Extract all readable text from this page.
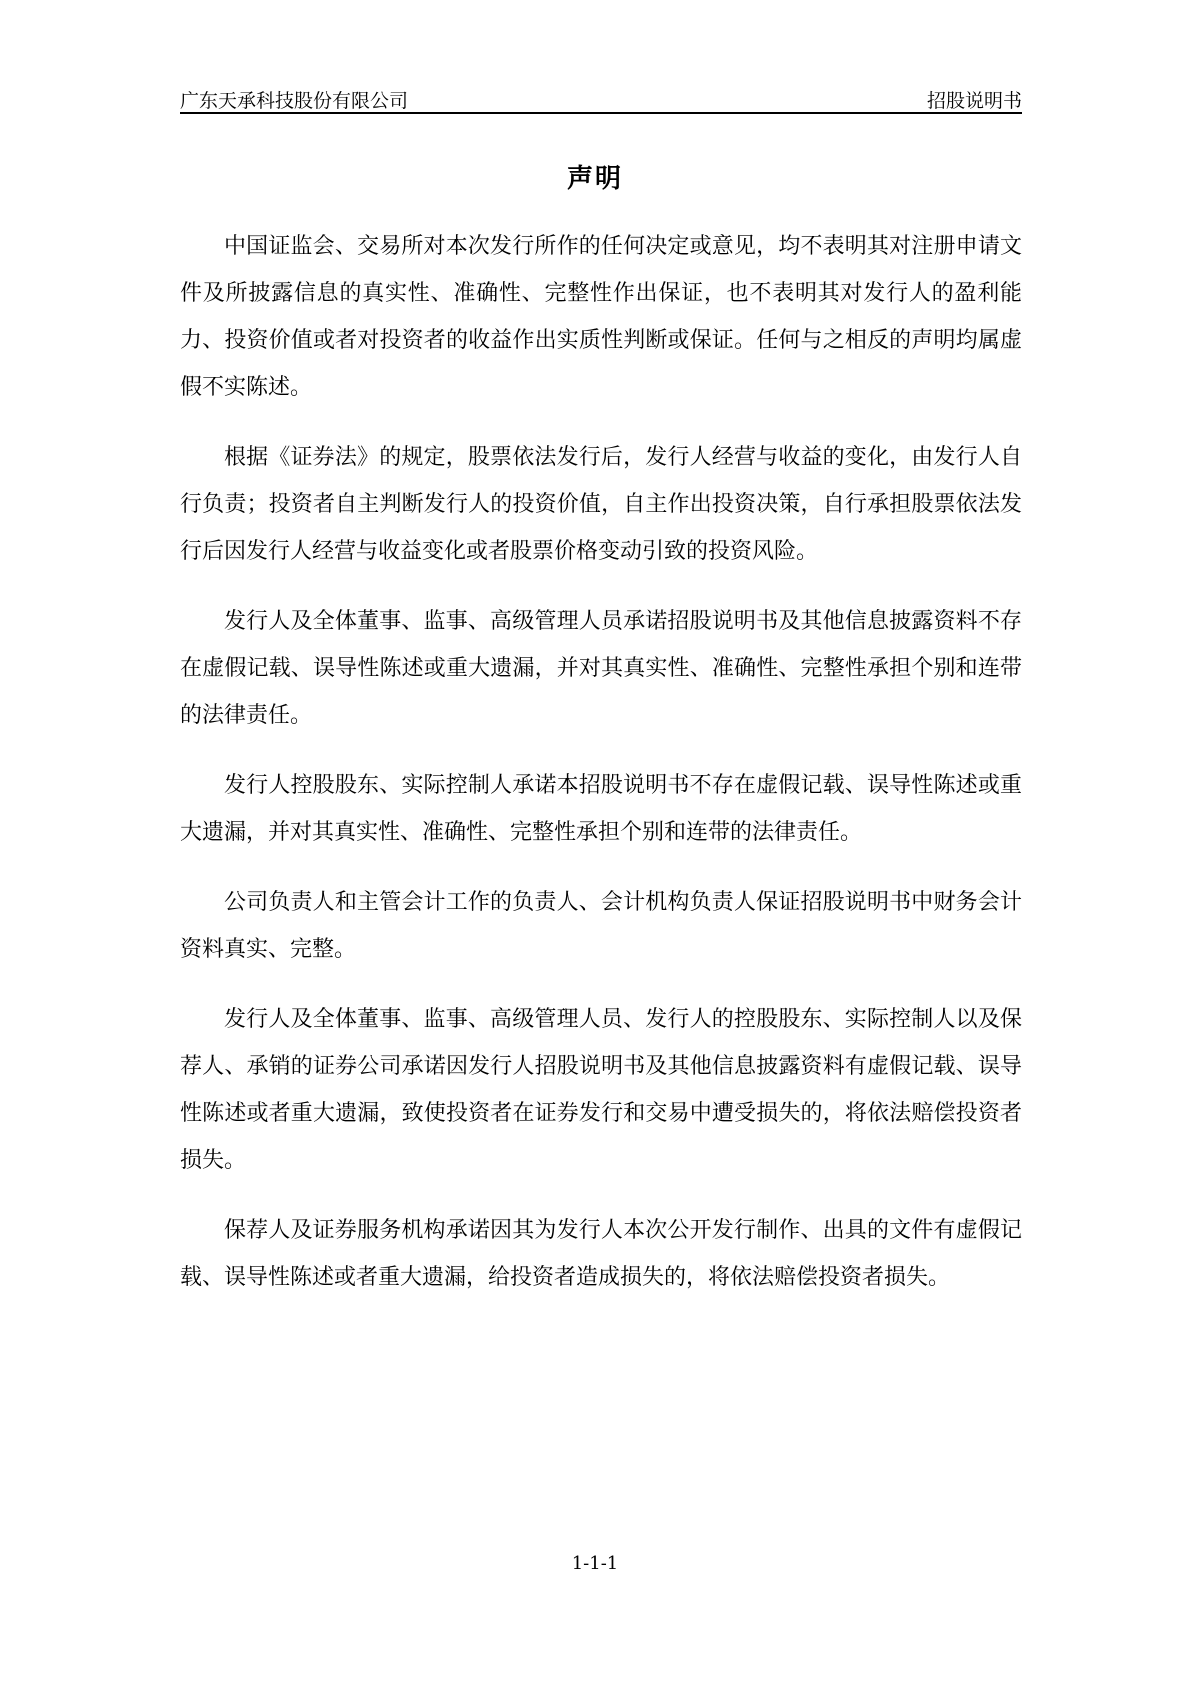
广东天承科技股份有限公司	招股说明书
声明

中国证监会、交易所对本次发行所作的任何决定或意见，均不表明其对注册申请文件及所披露信息的真实性、准确性、完整性作出保证，也不表明其对发行人的盈利能力、投资价值或者对投资者的收益作出实质性判断或保证。任何与之相反的声明均属虚假不实陈述。

根据《证券法》的规定，股票依法发行后，发行人经营与收益的变化，由发行人自行负责；投资者自主判断发行人的投资价值，自主作出投资决策，自行承担股票依法发行后因发行人经营与收益变化或者股票价格变动引致的投资风险。

发行人及全体董事、监事、高级管理人员承诺招股说明书及其他信息披露资料不存在虚假记载、误导性陈述或重大遗漏，并对其真实性、准确性、完整性承担个别和连带的法律责任。

发行人控股股东、实际控制人承诺本招股说明书不存在虚假记载、误导性陈述或重大遗漏，并对其真实性、准确性、完整性承担个别和连带的法律责任。

公司负责人和主管会计工作的负责人、会计机构负责人保证招股说明书中财务会计资料真实、完整。

发行人及全体董事、监事、高级管理人员、发行人的控股股东、实际控制人以及保荐人、承销的证券公司承诺因发行人招股说明书及其他信息披露资料有虚假记载、误导性陈述或者重大遗漏，致使投资者在证券发行和交易中遭受损失的，将依法赔偿投资者损失。

保荐人及证券服务机构承诺因其为发行人本次公开发行制作、出具的文件有虚假记载、误导性陈述或者重大遗漏，给投资者造成损失的，将依法赔偿投资者损失。

1-1-1
